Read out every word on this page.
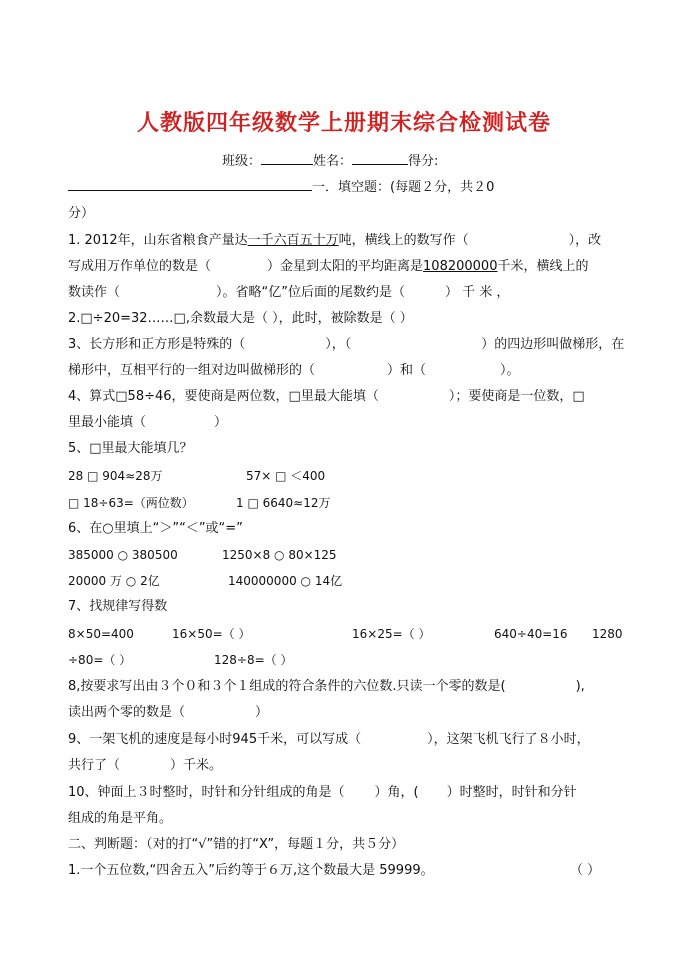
人教版四年级数学上册期末综合检测试卷
班级：	姓名：	得分:
一．填空题：(每题２分，共２0
分）
1. 2012年，山东省粮食产量达一千六百五十万吨，横线上的数写作（	），改
写成用万作单位的数是（	）金星到太阳的平均距离是108200000千米，横线上的
数读作（	）。省略“亿”位后面的尾数约是（	） 千 米 ，
2.□÷20=32……□,余数最大是（ ），此时，被除数是（ ）
3、长方形和正方形是特殊的（	），（	）的四边形叫做梯形，在
梯形中，互相平行的一组对边叫做梯形的（	）和（	）。
4、算式□58÷46，要使商是两位数，□里最大能填（	）；要使商是一位数，□
里最小能填（	）
5、□里最大能填几？
28 □ 904≈28万	57× □ ＜400
□ 18÷63=（两位数）	1 □ 6640≈12万
6、在○里填上“＞”“＜”或“=”
385000 ○ 380500	1250×8 ○ 80×125
20000 万 ○ 2亿	140000000 ○ 14亿
7、找规律写得数
8×50=400	16×50=（ ）	16×25=（ ）	640÷40=16 1280
÷80=（ ）	128÷8=（ ）
8,按要求写出由３个０和３个１组成的符合条件的六位数.只读一个零的数是(	),
读出两个零的数是（	）
9、一架飞机的速度是每小时945千米，可以写成（	），这架飞机飞行了８小时，
共行了（	）千米。
10、钟面上３时整时，时针和分针组成的角是（ ）角，( ）时整时，时针和分针
组成的角是平角。
二、判断题：（对的打“√”错的打“X”，每题１分，共５分）
1.一个五位数,“四舍五入”后约等于６万,这个数最大是 59999。	（ ）
